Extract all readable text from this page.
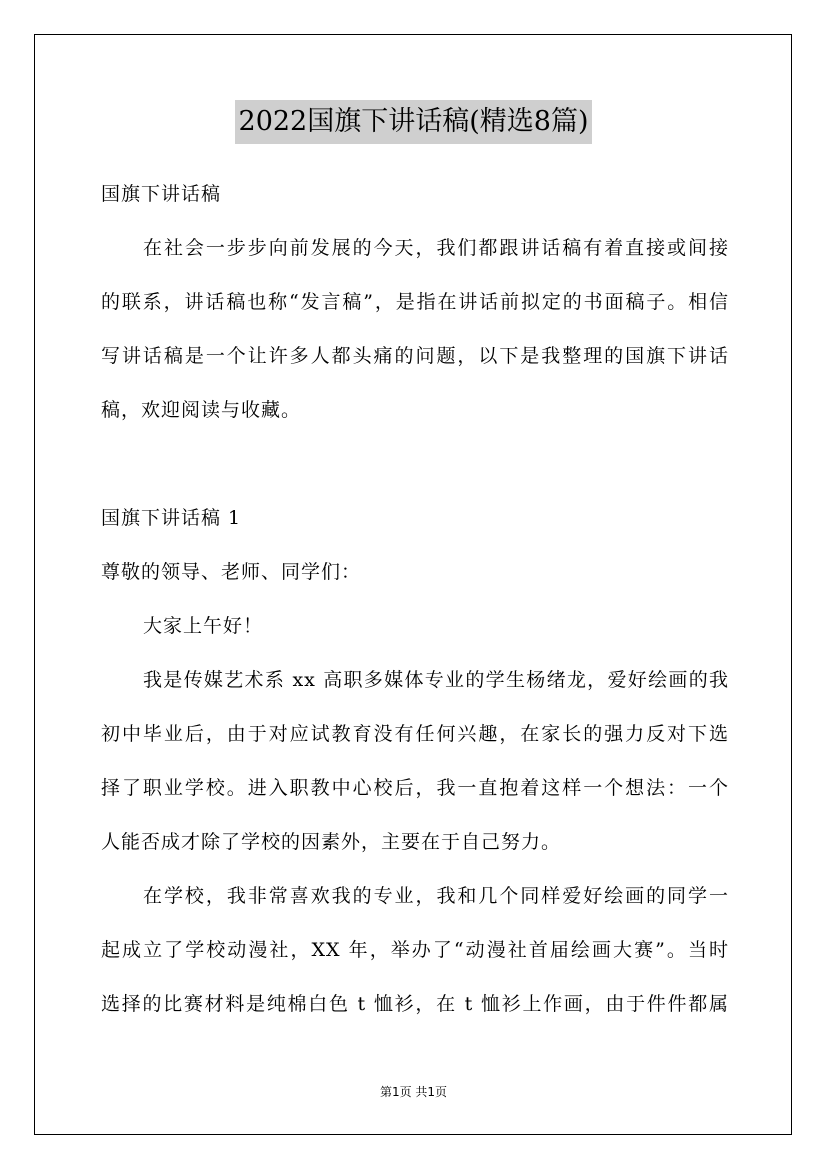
2022国旗下讲话稿(精选8篇)
国旗下讲话稿
在社会一步步向前发展的今天，我们都跟讲话稿有着直接或间接
的联系，讲话稿也称“发言稿”，是指在讲话前拟定的书面稿子。相信
写讲话稿是一个让许多人都头痛的问题，以下是我整理的国旗下讲话
稿，欢迎阅读与收藏。
国旗下讲话稿 1
尊敬的领导、老师、同学们：
大家上午好！
我是传媒艺术系 xx 高职多媒体专业的学生杨绪龙，爱好绘画的我
初中毕业后，由于对应试教育没有任何兴趣，在家长的强力反对下选
择了职业学校。进入职教中心校后，我一直抱着这样一个想法：一个
人能否成才除了学校的因素外，主要在于自己努力。
在学校，我非常喜欢我的专业，我和几个同样爱好绘画的同学一
起成立了学校动漫社，XX 年，举办了“动漫社首届绘画大赛”。当时
选择的比赛材料是纯棉白色 t 恤衫，在 t 恤衫上作画，由于件件都属
第1页 共1页
